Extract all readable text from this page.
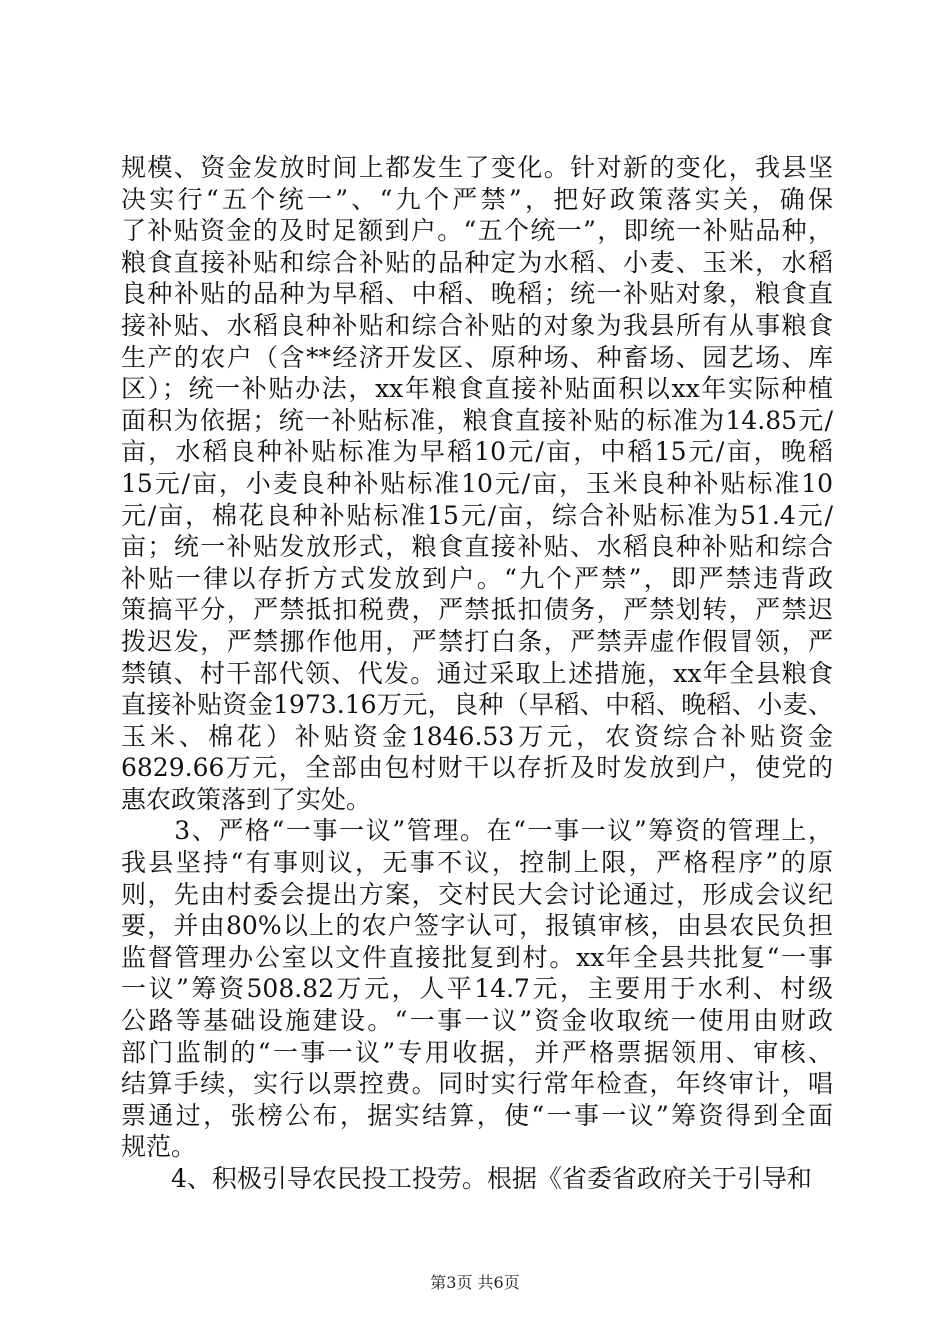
规模、资金发放时间上都发生了变化。针对新的变化，我县坚
决实行“五个统一”、“九个严禁”，把好政策落实关，确保
了补贴资金的及时足额到户。“五个统一”，即统一补贴品种，
粮食直接补贴和综合补贴的品种定为水稻、小麦、玉米，水稻
良种补贴的品种为早稻、中稻、晚稻；统一补贴对象，粮食直
接补贴、水稻良种补贴和综合补贴的对象为我县所有从事粮食
生产的农户（含**经济开发区、原种场、种畜场、园艺场、库
区）；统一补贴办法，xx年粮食直接补贴面积以xx年实际种植
面积为依据；统一补贴标准，粮食直接补贴的标准为14.85元/
亩，水稻良种补贴标准为早稻10元/亩，中稻15元/亩，晚稻
15元/亩，小麦良种补贴标准10元/亩，玉米良种补贴标准10
元/亩，棉花良种补贴标准15元/亩，综合补贴标准为51.4元/
亩；统一补贴发放形式，粮食直接补贴、水稻良种补贴和综合
补贴一律以存折方式发放到户。“九个严禁”，即严禁违背政
策搞平分，严禁抵扣税费，严禁抵扣债务，严禁划转，严禁迟
拨迟发，严禁挪作他用，严禁打白条，严禁弄虚作假冒领，严
禁镇、村干部代领、代发。通过采取上述措施，xx年全县粮食
直接补贴资金1973.16万元，良种（早稻、中稻、晚稻、小麦、
玉米、棉花）补贴资金1846.53万元，农资综合补贴资金
6829.66万元，全部由包村财干以存折及时发放到户，使党的
惠农政策落到了实处。
　　3、严格“一事一议”管理。在“一事一议”筹资的管理上，
我县坚持“有事则议，无事不议，控制上限，严格程序”的原
则，先由村委会提出方案，交村民大会讨论通过，形成会议纪
要，并由80%以上的农户签字认可，报镇审核，由县农民负担
监督管理办公室以文件直接批复到村。xx年全县共批复“一事
一议”筹资508.82万元，人平14.7元，主要用于水利、村级
公路等基础设施建设。“一事一议”资金收取统一使用由财政
部门监制的“一事一议”专用收据，并严格票据领用、审核、
结算手续，实行以票控费。同时实行常年检查，年终审计，唱
票通过，张榜公布，据实结算，使“一事一议”筹资得到全面
规范。
　　4、积极引导农民投工投劳。根据《省委省政府关于引导和
第3页 共6页
